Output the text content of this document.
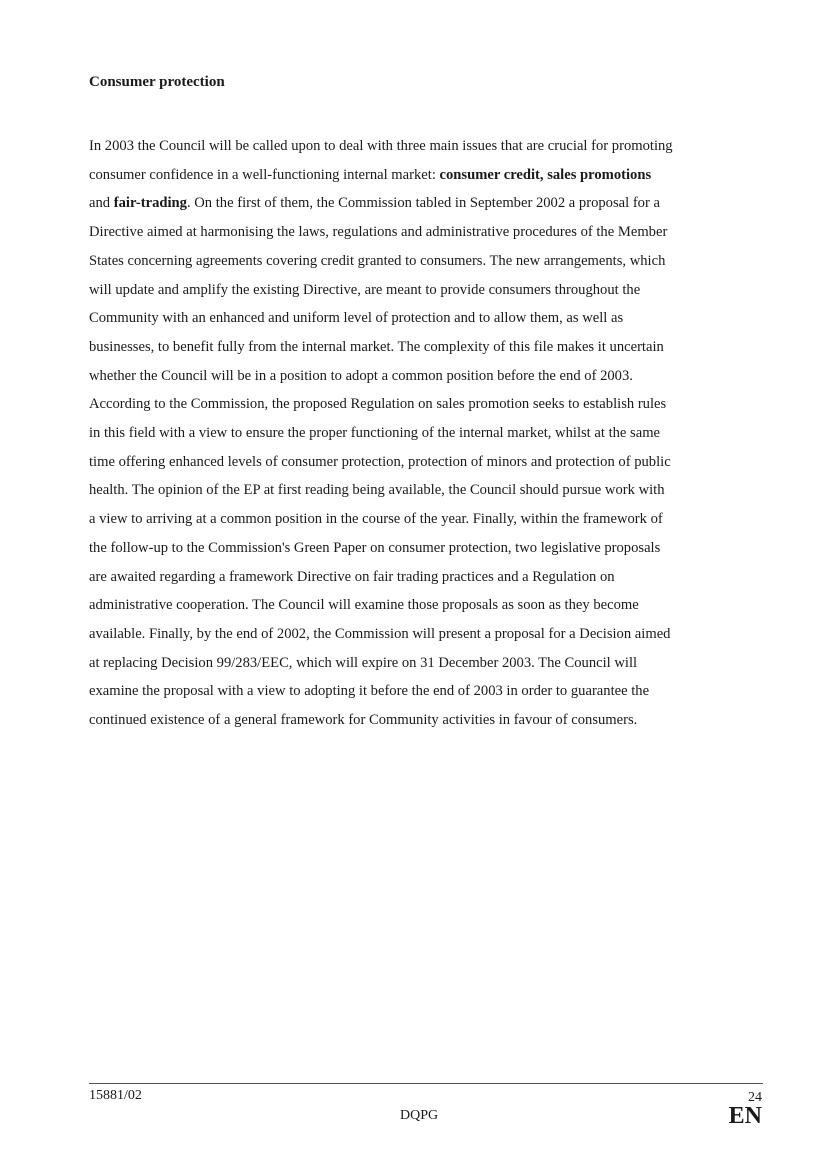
Consumer protection
In 2003 the Council will be called upon to deal with three main issues that are crucial for promoting
consumer confidence in a well-functioning internal market: consumer credit, sales promotions
and fair-trading. On the first of them, the Commission tabled in September 2002 a proposal for a
Directive aimed at harmonising the laws, regulations and administrative procedures of the Member
States concerning agreements covering credit granted to consumers. The new arrangements, which
will update and amplify the existing Directive, are meant to provide consumers throughout the
Community with an enhanced and uniform level of protection and to allow them, as well as
businesses, to benefit fully from the internal market. The complexity of this file makes it uncertain
whether the Council will be in a position to adopt a common position before the end of 2003.
According to the Commission, the proposed Regulation on sales promotion seeks to establish rules
in this field with a view to ensure the proper functioning of the internal market, whilst at the same
time offering enhanced levels of consumer protection, protection of minors and protection of public
health. The opinion of the EP at first reading being available, the Council should pursue work with
a view to arriving at a common position in the course of the year. Finally, within the framework of
the follow-up to the Commission's Green Paper on consumer protection, two legislative proposals
are awaited regarding a framework Directive on fair trading practices and a Regulation on
administrative cooperation. The Council will examine those proposals as soon as they become
available. Finally, by the end of 2002, the Commission will present a proposal for a Decision aimed
at replacing Decision 99/283/EEC, which will expire on 31 December 2003. The Council will
examine the proposal with a view to adopting it before the end of 2003 in order to guarantee the
continued existence of a general framework for Community activities in favour of consumers.
15881/02	24
DQPG	EN
